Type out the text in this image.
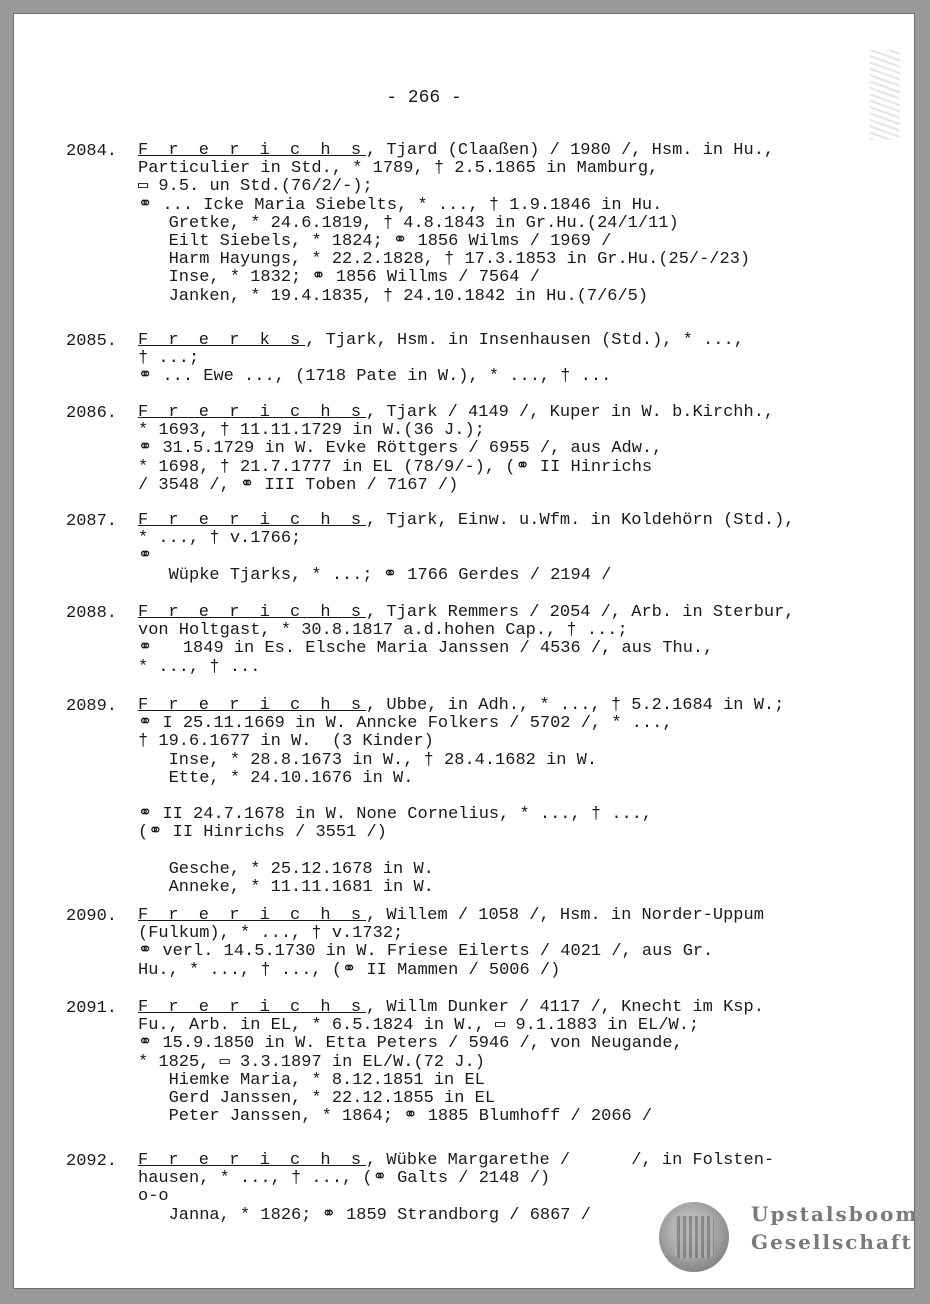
- 266 -
2084. F r e r i c h s, Tjard (Claaßen) / 1980 /, Hsm. in Hu.,
Particulier in Std., * 1789, † 2.5.1865 in Mamburg,
▭ 9.5. un Std.(76/2/-);
⚭ ... Icke Maria Siebelts, * ..., † 1.9.1846 in Hu.
Gretke, * 24.6.1819, † 4.8.1843 in Gr.Hu.(24/1/11)
Eilt Siebels, * 1824; ⚭ 1856 Wilms / 1969 /
Harm Hayungs, * 22.2.1828, † 17.3.1853 in Gr.Hu.(25/-/23)
Inse, * 1832; ⚭ 1856 Willms / 7564 /
Janken, * 19.4.1835, † 24.10.1842 in Hu.(7/6/5)
2085. F r e r k s, Tjark, Hsm. in Insenhausen (Std.), * ...,
† ...;
⚭ ... Ewe ..., (1718 Pate in W.), * ..., † ...
2086. F r e r i c h s, Tjark / 4149 /, Kuper in W. b.Kirchh.,
* 1693, † 11.11.1729 in W.(36 J.);
⚭ 31.5.1729 in W. Evke Röttgers / 6955 /, aus Adw.,
* 1698, † 21.7.1777 in EL (78/9/-), (⚭ II Hinrichs
/ 3548 /, ⚭ III Toben / 7167 /)
2087. F r e r i c h s, Tjark, Einw. u.Wfm. in Koldehörn (Std.),
* ..., † v.1766;
⚭
Wüpke Tjarks, * ...; ⚭ 1766 Gerdes / 2194 /
2088. F r e r i c h s, Tjark Remmers / 2054 /, Arb. in Sterbur,
von Holtgast, * 30.8.1817 a.d.hohen Cap., † ...;
⚭   1849 in Es. Elsche Maria Janssen / 4536 /, aus Thu.,
* ..., † ...
2089. F r e r i c h s, Ubbe, in Adh., * ..., † 5.2.1684 in W.;
⚭ I 25.11.1669 in W. Anncke Folkers / 5702 /, * ...,
† 19.6.1677 in W.  (3 Kinder)
Inse, * 28.8.1673 in W., † 28.4.1682 in W.
Ette, * 24.10.1676 in W.
⚭ II 24.7.1678 in W. None Cornelius, * ..., † ...,
(⚭ II Hinrichs / 3551 /)
Gesche, * 25.12.1678 in W.
Anneke, * 11.11.1681 in W.
2090. F r e r i c h s, Willem / 1058 /, Hsm. in Norder-Uppum
(Fulkum), * ..., † v.1732;
⚭ verl. 14.5.1730 in W. Friese Eilerts / 4021 /, aus Gr.
Hu., * ..., † ..., (⚭ II Mammen / 5006 /)
2091. F r e r i c h s, Willm Dunker / 4117 /, Knecht im Ksp.
Fu., Arb. in EL, * 6.5.1824 in W., ▭ 9.1.1883 in EL/W.;
⚭ 15.9.1850 in W. Etta Peters / 5946 /, von Neugande,
* 1825, ▭ 3.3.1897 in EL/W.(72 J.)
Hiemke Maria, * 8.12.1851 in EL
Gerd Janssen, * 22.12.1855 in EL
Peter Janssen, * 1864; ⚭ 1885 Blumhoff / 2066 /
2092. F r e r i c h s, Wübke Margarethe /      /, in Folsten-
hausen, * ..., † ..., (⚭ Galts / 2148 /)
o-o
Janna, * 1826; ⚭ 1859 Strandborg / 6867 /	Upstalsboom
Gesellschaft
